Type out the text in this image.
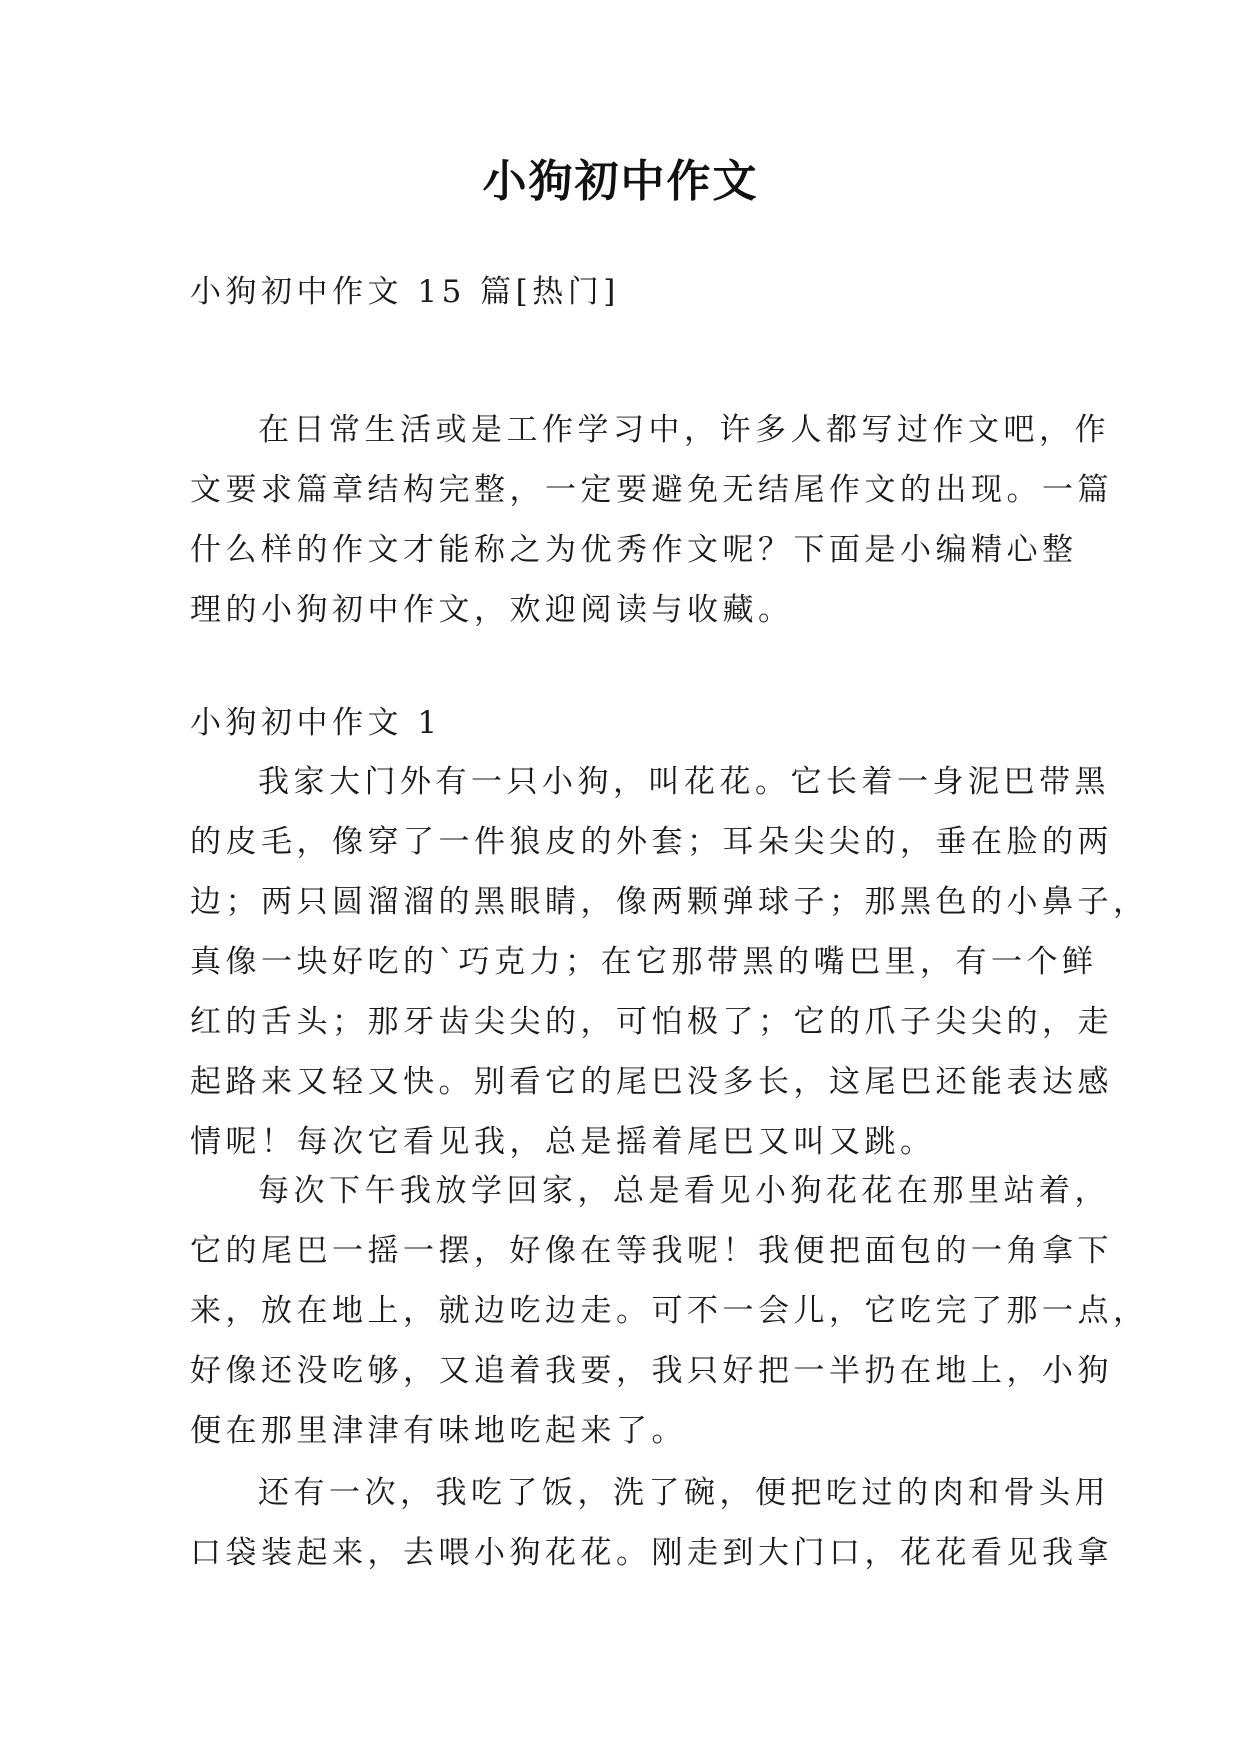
小狗初中作文

小狗初中作文 15 篇[热门]

在日常生活或是工作学习中，许多人都写过作文吧，作
文要求篇章结构完整，一定要避免无结尾作文的出现。一篇
什么样的作文才能称之为优秀作文呢？下面是小编精心整
理的小狗初中作文，欢迎阅读与收藏。

小狗初中作文 1

我家大门外有一只小狗，叫花花。它长着一身泥巴带黑
的皮毛，像穿了一件狼皮的外套；耳朵尖尖的，垂在脸的两
边；两只圆溜溜的黑眼睛，像两颗弹球子；那黑色的小鼻子，
真像一块好吃的`巧克力；在它那带黑的嘴巴里，有一个鲜
红的舌头；那牙齿尖尖的，可怕极了；它的爪子尖尖的，走
起路来又轻又快。别看它的尾巴没多长，这尾巴还能表达感
情呢！每次它看见我，总是摇着尾巴又叫又跳。
每次下午我放学回家，总是看见小狗花花在那里站着，
它的尾巴一摇一摆，好像在等我呢！我便把面包的一角拿下
来，放在地上，就边吃边走。可不一会儿，它吃完了那一点，
好像还没吃够，又追着我要，我只好把一半扔在地上，小狗
便在那里津津有味地吃起来了。
还有一次，我吃了饭，洗了碗，便把吃过的肉和骨头用
口袋装起来，去喂小狗花花。刚走到大门口，花花看见我拿
